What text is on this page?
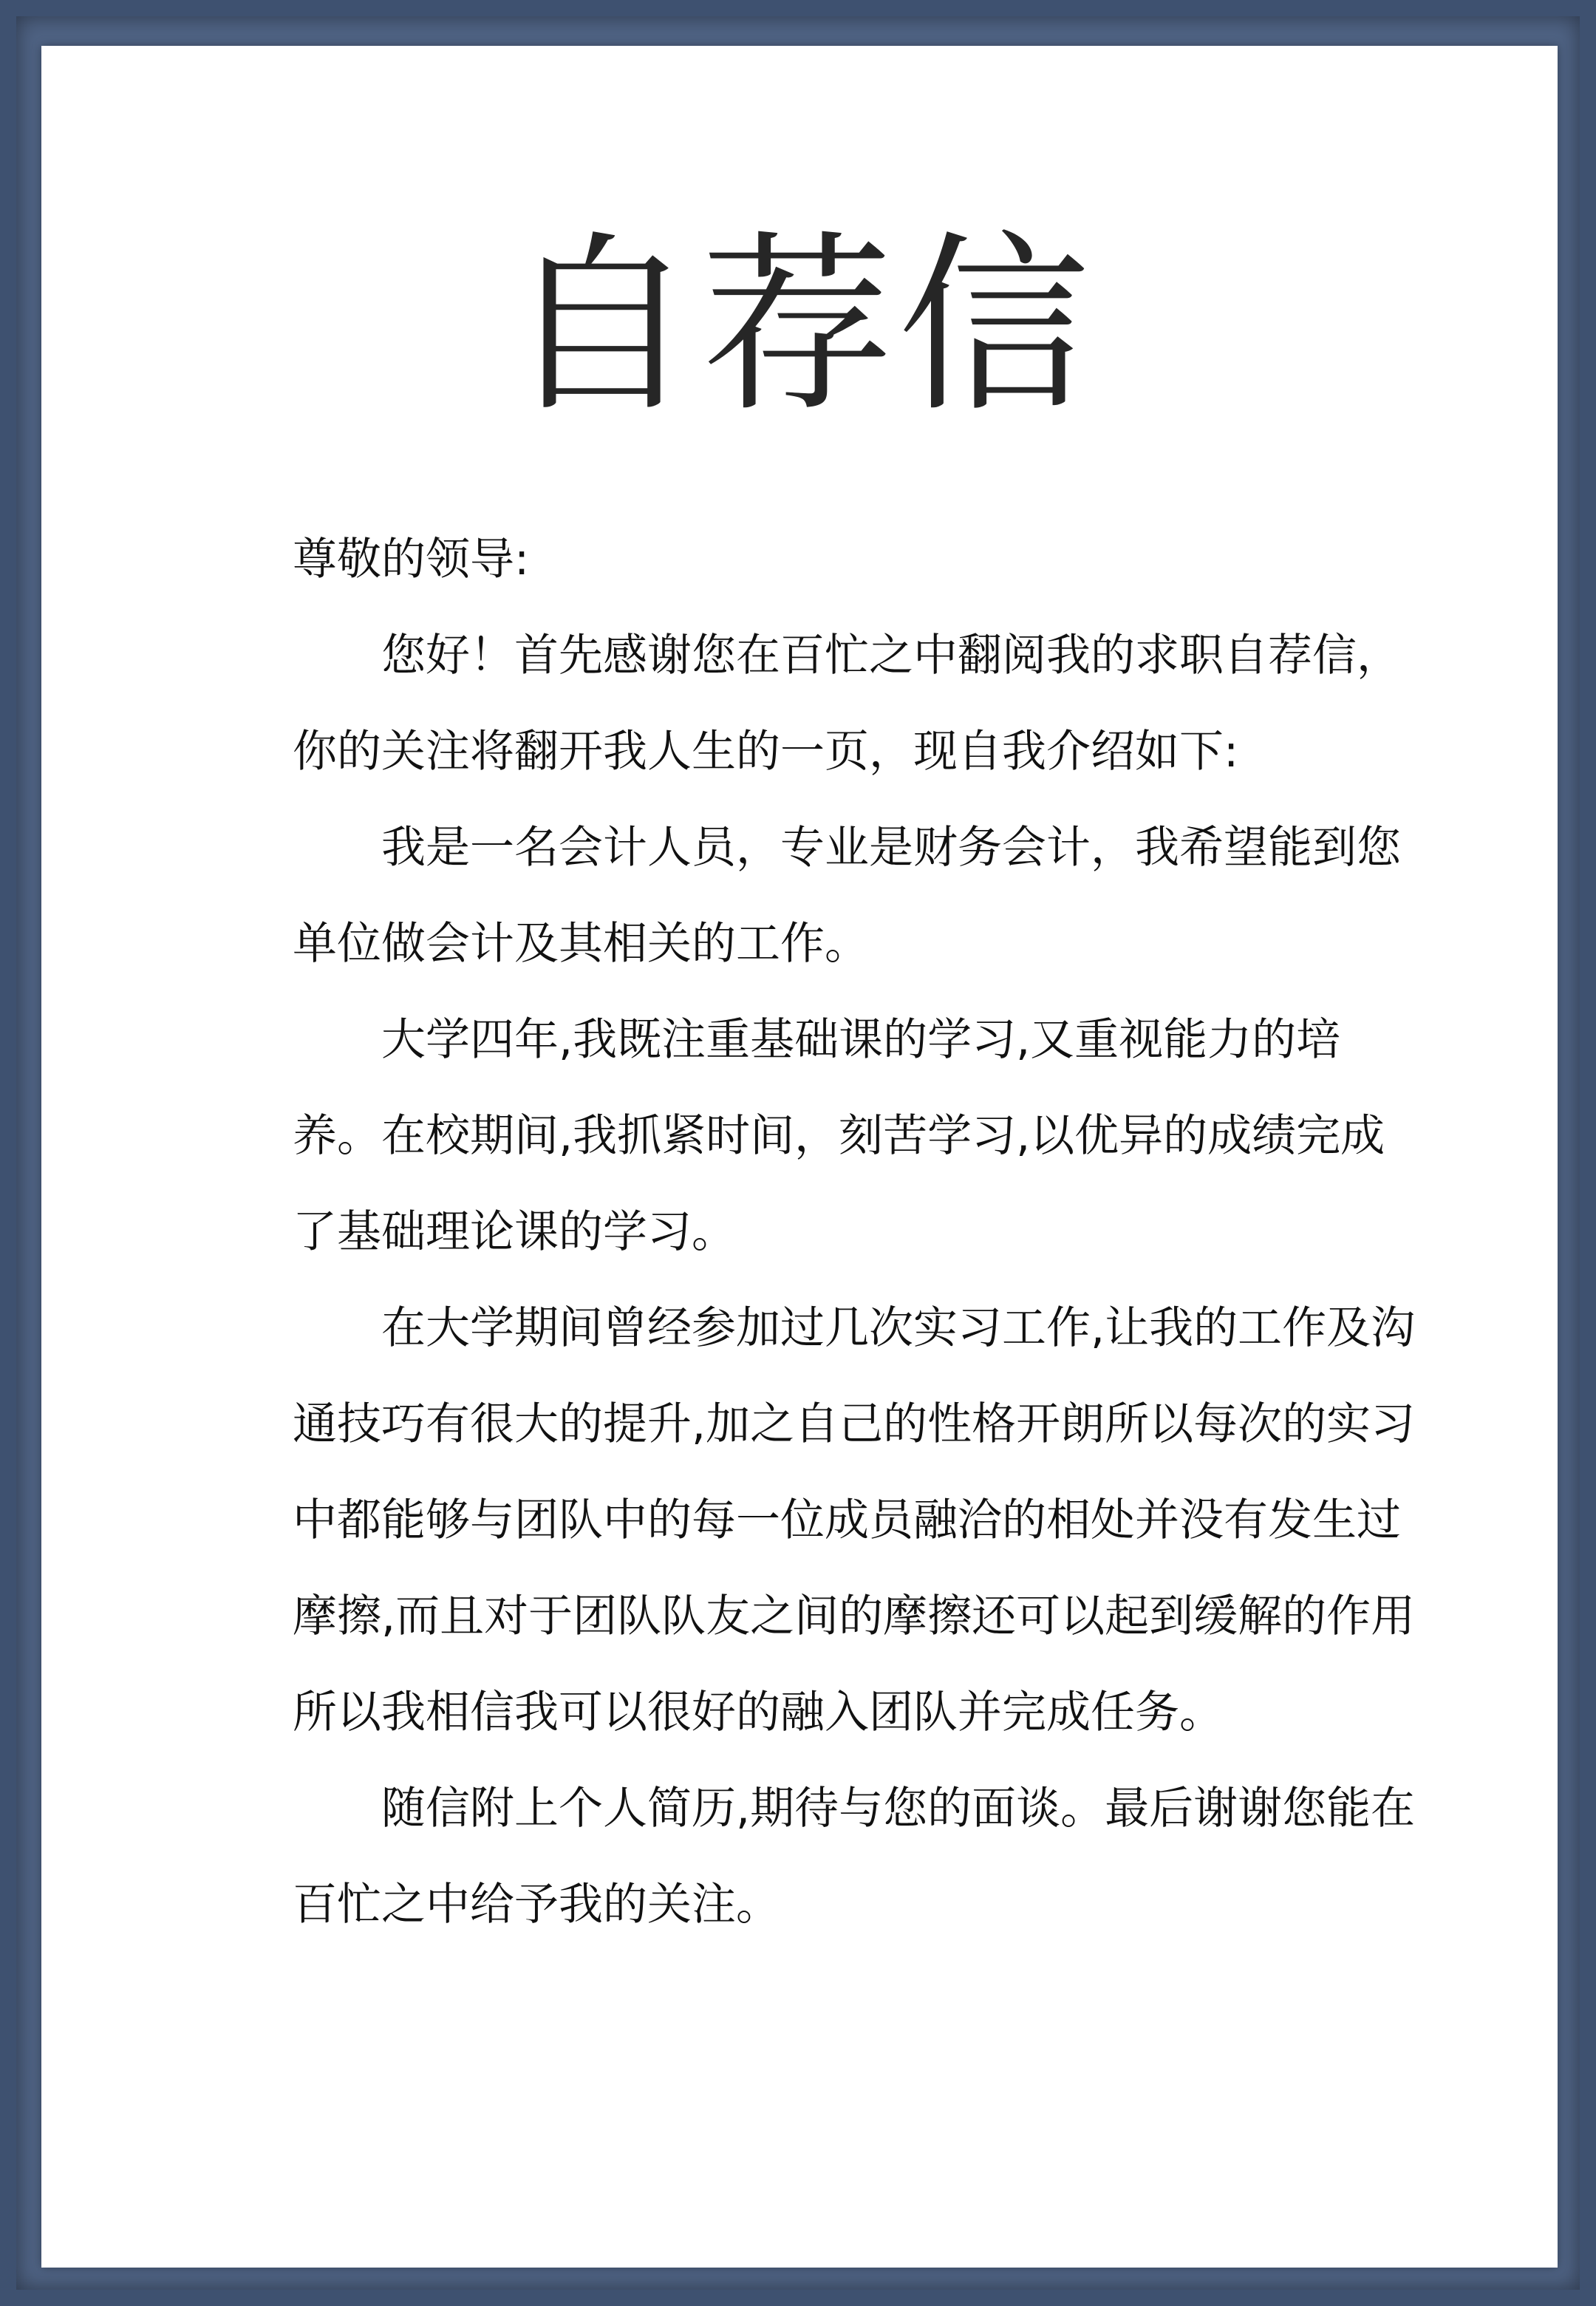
自荐信

尊敬的领导:

您好！首先感谢您在百忙之中翻阅我的求职自荐信，你的关注将翻开我人生的一页，现自我介绍如下:

我是一名会计人员，专业是财务会计，我希望能到您单位做会计及其相关的工作。

大学四年,我既注重基础课的学习,又重视能力的培养。在校期间,我抓紧时间，刻苦学习,以优异的成绩完成了基础理论课的学习。

在大学期间曾经参加过几次实习工作,让我的工作及沟通技巧有很大的提升,加之自己的性格开朗所以每次的实习中都能够与团队中的每一位成员融洽的相处并没有发生过摩擦,而且对于团队队友之间的摩擦还可以起到缓解的作用所以我相信我可以很好的融入团队并完成任务。

随信附上个人简历,期待与您的面谈。最后谢谢您能在百忙之中给予我的关注。
